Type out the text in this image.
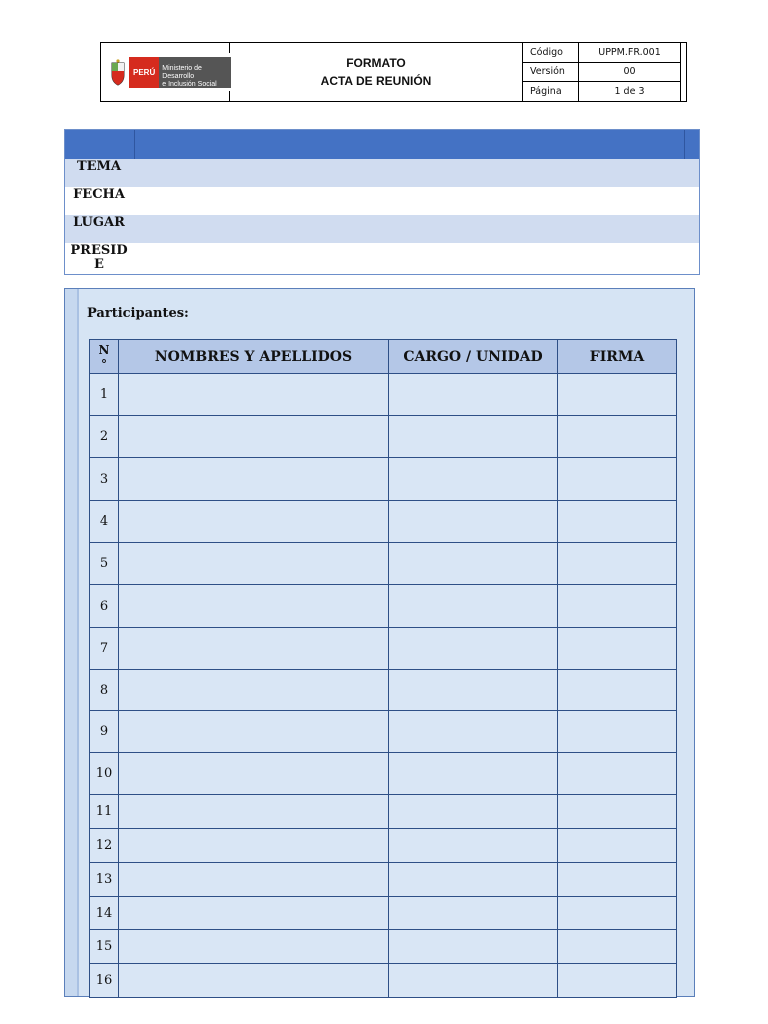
PERÚ	Ministerio de Desarrollo
e Inclusión Social
FORMATO
ACTA DE REUNIÓN
Código	UPPM.FR.001
Versión	00
Página	1 de 3
TEMA
FECHA
LUGAR
PRESID
E
Participantes:
N
°	NOMBRES Y APELLIDOS	CARGO / UNIDAD	FIRMA
1			
2			
3			
4			
5			
6			
7			
8			
9			
10			
11			
12			
13			
14			
15			
16			
